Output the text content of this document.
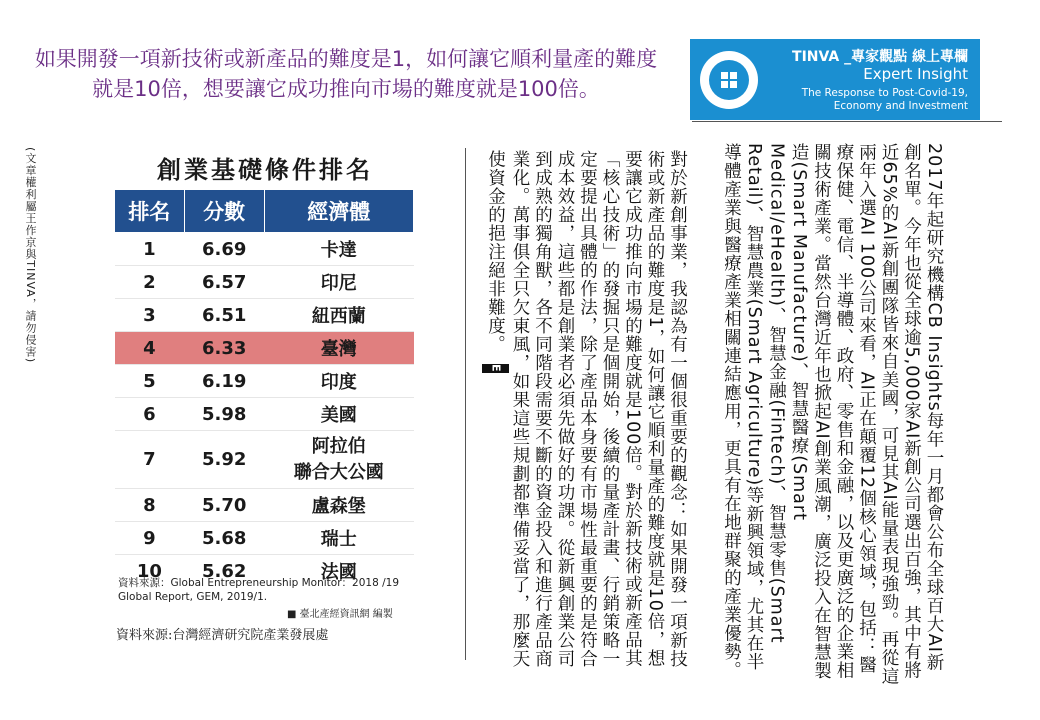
如果開發一項新技術或新產品的難度是1，如何讓它順利量產的難度就是10倍，想要讓它成功推向市場的難度就是100倍。
TINVA _專家觀點 線上專欄
Expert Insight
The Response to Post-Covid-19, Economy and Investment
(文章權利屬王作京與TINVA，請勿侵害)	創業基礎條件排名
排名	分數	經濟體
1	6.69	卡達
2	6.57	印尼
3	6.51	紐西蘭
4	6.33	臺灣
5	6.19	印度
6	5.98	美國
7	5.92	阿拉伯
聯合大公國
8	5.70	盧森堡
9	5.68	瑞士
10	5.62	法國
資料來源：Global Entrepreneurship Monitor：2018 /19 Global Report, GEM, 2019/1.
■ 臺北產經資訊網 編製
資料來源:台灣經濟研究院產業發展處	2017年起研究機構CB Insights每年一月都會公布全球百大AI新創名單。今年也從全球逾5,000家AI新創公司選出百強，其中有將近65%的AI新創團隊皆來自美國，可見其AI能量表現強勁。再從這兩年入選AI 100公司來看，AI正在顛覆12個核心領域，包括：醫療保健、電信、半導體、政府、零售和金融，以及更廣泛的企業相關技術產業。當然台灣近年也掀起AI創業風潮，廣泛投入在智慧製造(Smart Manufacture)、智慧醫療(Smart Medical/eHealth)、智慧金融(Fintech)、智慧零售(Smart Retail)、智慧農業(Smart Agriculture)等新興領域，尤其在半導體產業與醫療產業相關連結應用，更具有在地群聚的產業優勢。
對於新創事業，我認為有一個很重要的觀念：如果開發一項新技術或新產品的難度是1，如何讓它順利量產的難度就是10倍，想要讓它成功推向市場的難度就是100倍。對於新技術或新產品其「核心技術」的發掘只是個開始，後續的量產計畫、行銷策略一定要提出具體的作法，除了產品本身要有市場性最重要的是符合成本效益，這些都是創業者必須先做好的功課。從新興創業公司到成熟的獨角獸，各不同階段需要不斷的資金投入和進行產品商業化。萬事俱全只欠東風，如果這些規劃都準備妥當了，那麼天使資金的挹注絕非難度。 E
